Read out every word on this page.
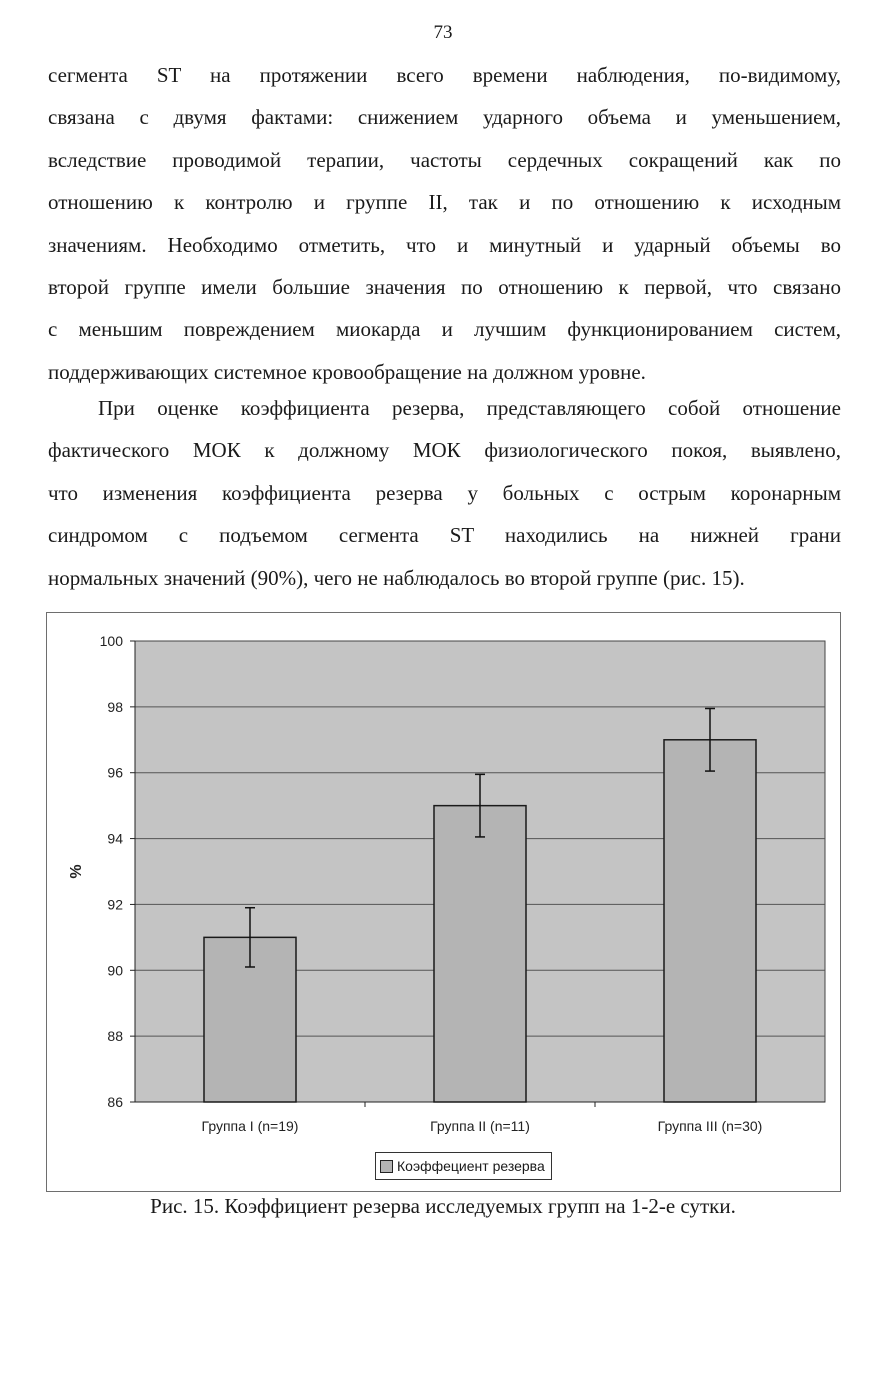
73
сегмента ST на протяжении всего времени наблюдения, по-видимому,
связана с двумя фактами: снижением ударного объема и уменьшением,
вследствие проводимой терапии, частоты сердечных сокращений как по
отношению к контролю и группе II, так и по отношению к исходным
значениям. Необходимо отметить, что и минутный и ударный объемы во
второй группе имели большие значения по отношению к первой, что связано
с меньшим повреждением миокарда и лучшим функционированием систем,
поддерживающих системное кровообращение на должном уровне.
При оценке коэффициента резерва, представляющего собой отношение
фактического МОК к должному МОК физиологического покоя, выявлено,
что изменения коэффициента резерва у больных с острым коронарным
синдромом с подъемом сегмента ST находились на нижней грани
нормальных значений (90%), чего не наблюдалось во второй группе (рис. 15).
86
88
90
92
94
96
98
100
Группа I (n=19)	Группа II (n=11)	Группа III (n=30)
%
Коэффециент резерва
Рис. 15. Коэффициент резерва исследуемых групп на 1-2-е сутки.
